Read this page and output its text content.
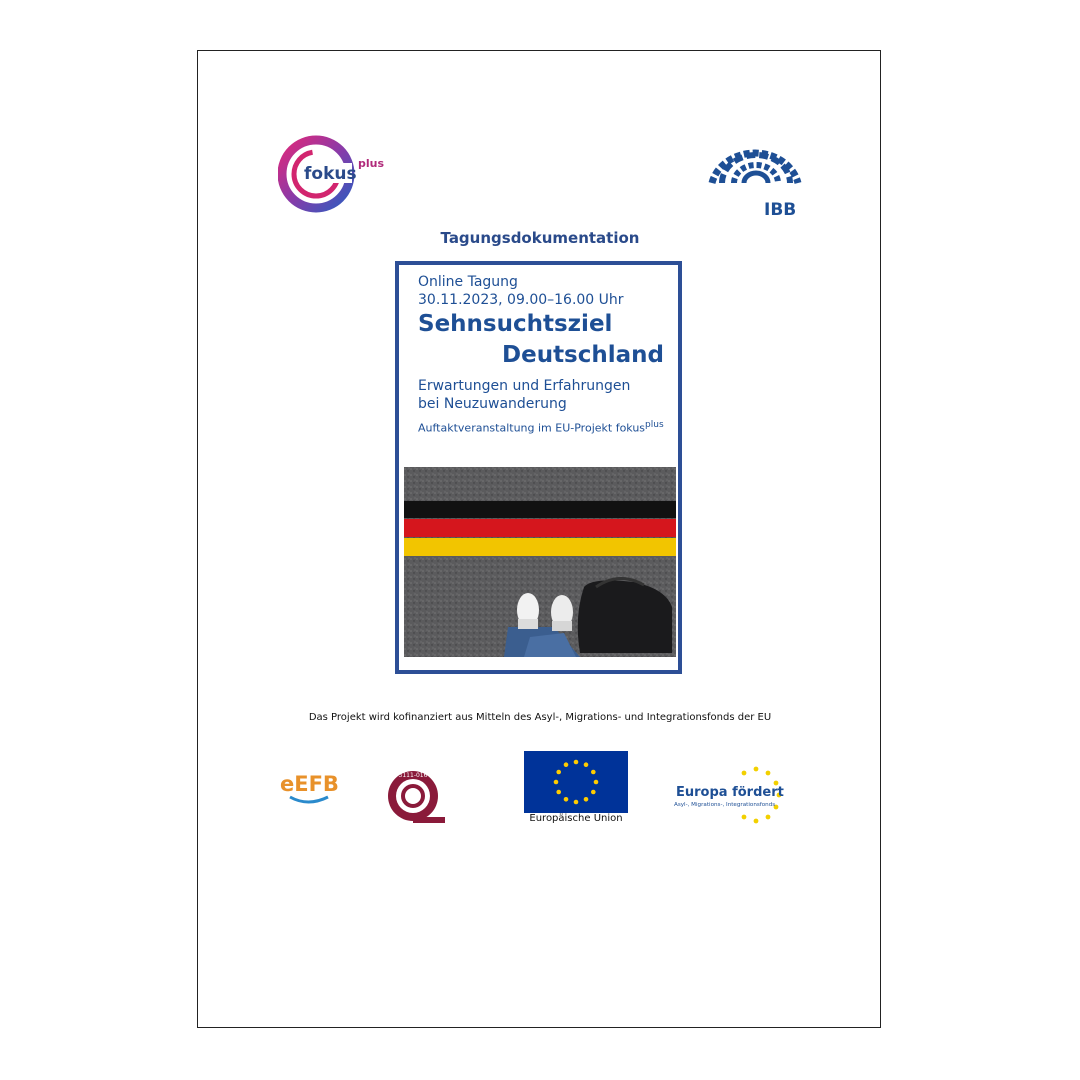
fokus
plus
IBB
Tagungsdokumentation
Online Tagung
30.11.2023, 09.00–16.00 Uhr
Sehnsuchtsziel
Deutschland
Erwartungen und Erfahrungen
bei Neuzuwanderung
Auftaktveranstaltung im EU-Projekt fokus$^{plus}$
Das Projekt wird kofinanziert aus Mitteln des Asyl-, Migrations- und Integrationsfonds der EU
eEFB	3111-016
Europäische Union
Europa fördert
Asyl-, Migrations-, Integrationsfonds
